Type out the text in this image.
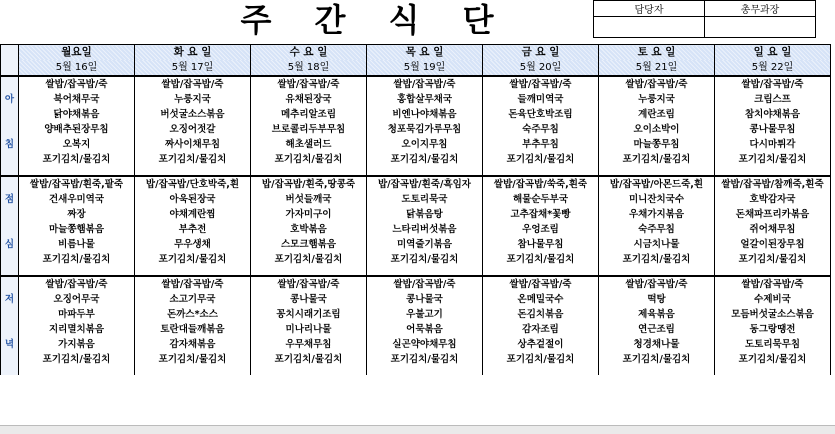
주 간 식 단	담당자	총무과장

	월요일	화 요 일	수 요 일	목 요 일	금 요 일	토 요 일	일 요 일
	5월 16일	5월 17일	5월 18일	5월 19일	5월 20일	5월 21일	5월 22일
	쌀밥/잡곡밥/죽	쌀밥/잡곡밥/죽	쌀밥/잡곡밥/죽	쌀밥/잡곡밥/죽	쌀밥/잡곡밥/죽	쌀밥/잡곡밥/죽	쌀밥/잡곡밥/죽
아	북어채무국	누룽지국	유채된장국	홍합살무채국	들깨미역국	누룽지국	크림스프
	닭야채볶음	버섯굴소스볶음	메추리알조림	비엔나야채볶음	돈육단호박조림	계란조림	참치야채볶음
	양배추된장무침	오징어젓갈	브로콜리두부무침	청포묵김가루무침	숙주무침	오이소박이	콩나물무침
침	오복지	짜사이채무침	해초샐러드	오이지무침	부추무침	마늘쫑무침	다시마튀각
	포기김치/물김치	포기김치/물김치	포기김치/물김치	포기김치/물김치	포기김치/물김치	포기김치/물김치	포기김치/물김치

	쌀밥/잡곡밥/흰죽,팥죽	밥/잡곡밥/단호박죽,흰	밥/잡곡밥/흰죽,땅콩죽	밥/잡곡밥/흰죽/흑임자	쌀밥/잡곡밥/쑥죽,흰죽	밥/잡곡밥/아몬드죽,흰	쌀밥/잡곡밥/참깨죽,흰죽
점	건새우미역국	아욱된장국	버섯들깨국	도토리묵국	해물순두부국	미니잔치국수	호박감자국
	짜장	야채계란찜	가자미구이	닭볶음탕	고추잡채*꽃빵	우채가지볶음	돈채파프리카볶음
	마늘쫑햄볶음	부추전	호박볶음	느타리버섯볶음	우엉조림	숙주무침	쥐어채무침
심	비름나물	무우생채	스모크햄볶음	미역줄기볶음	참나물무침	시금치나물	얼갈이된장무침
	포기김치/물김치	포기김치/물김치	포기김치/물김치	포기김치/물김치	포기김치/물김치	포기김치/물김치	포기김치/물김치

	쌀밥/잡곡밥/죽	쌀밥/잡곡밥/죽	쌀밥/잡곡밥/죽	쌀밥/잡곡밥/죽	쌀밥/잡곡밥/죽	쌀밥/잡곡밥/죽	쌀밥/잡곡밥/죽
저	오징어무국	소고기무국	콩나물국	콩나물국	온메밀국수	떡탕	수제비국
	마파두부	돈까스*소스	꽁치시래기조림	우불고기	돈김치볶음	제육볶음	모듬버섯굴소스볶음
	지리멸치볶음	토란대들깨볶음	미나리나물	어묵볶음	감자조림	연근조림	동그랑땡전
녁	가지볶음	감자채볶음	우무채무침	실곤약야채무침	상추겉절이	청경채나물	도토리묵무침
	포기김치/물김치	포기김치/물김치	포기김치/물김치	포기김치/물김치	포기김치/물김치	포기김치/물김치	포기김치/물김치
